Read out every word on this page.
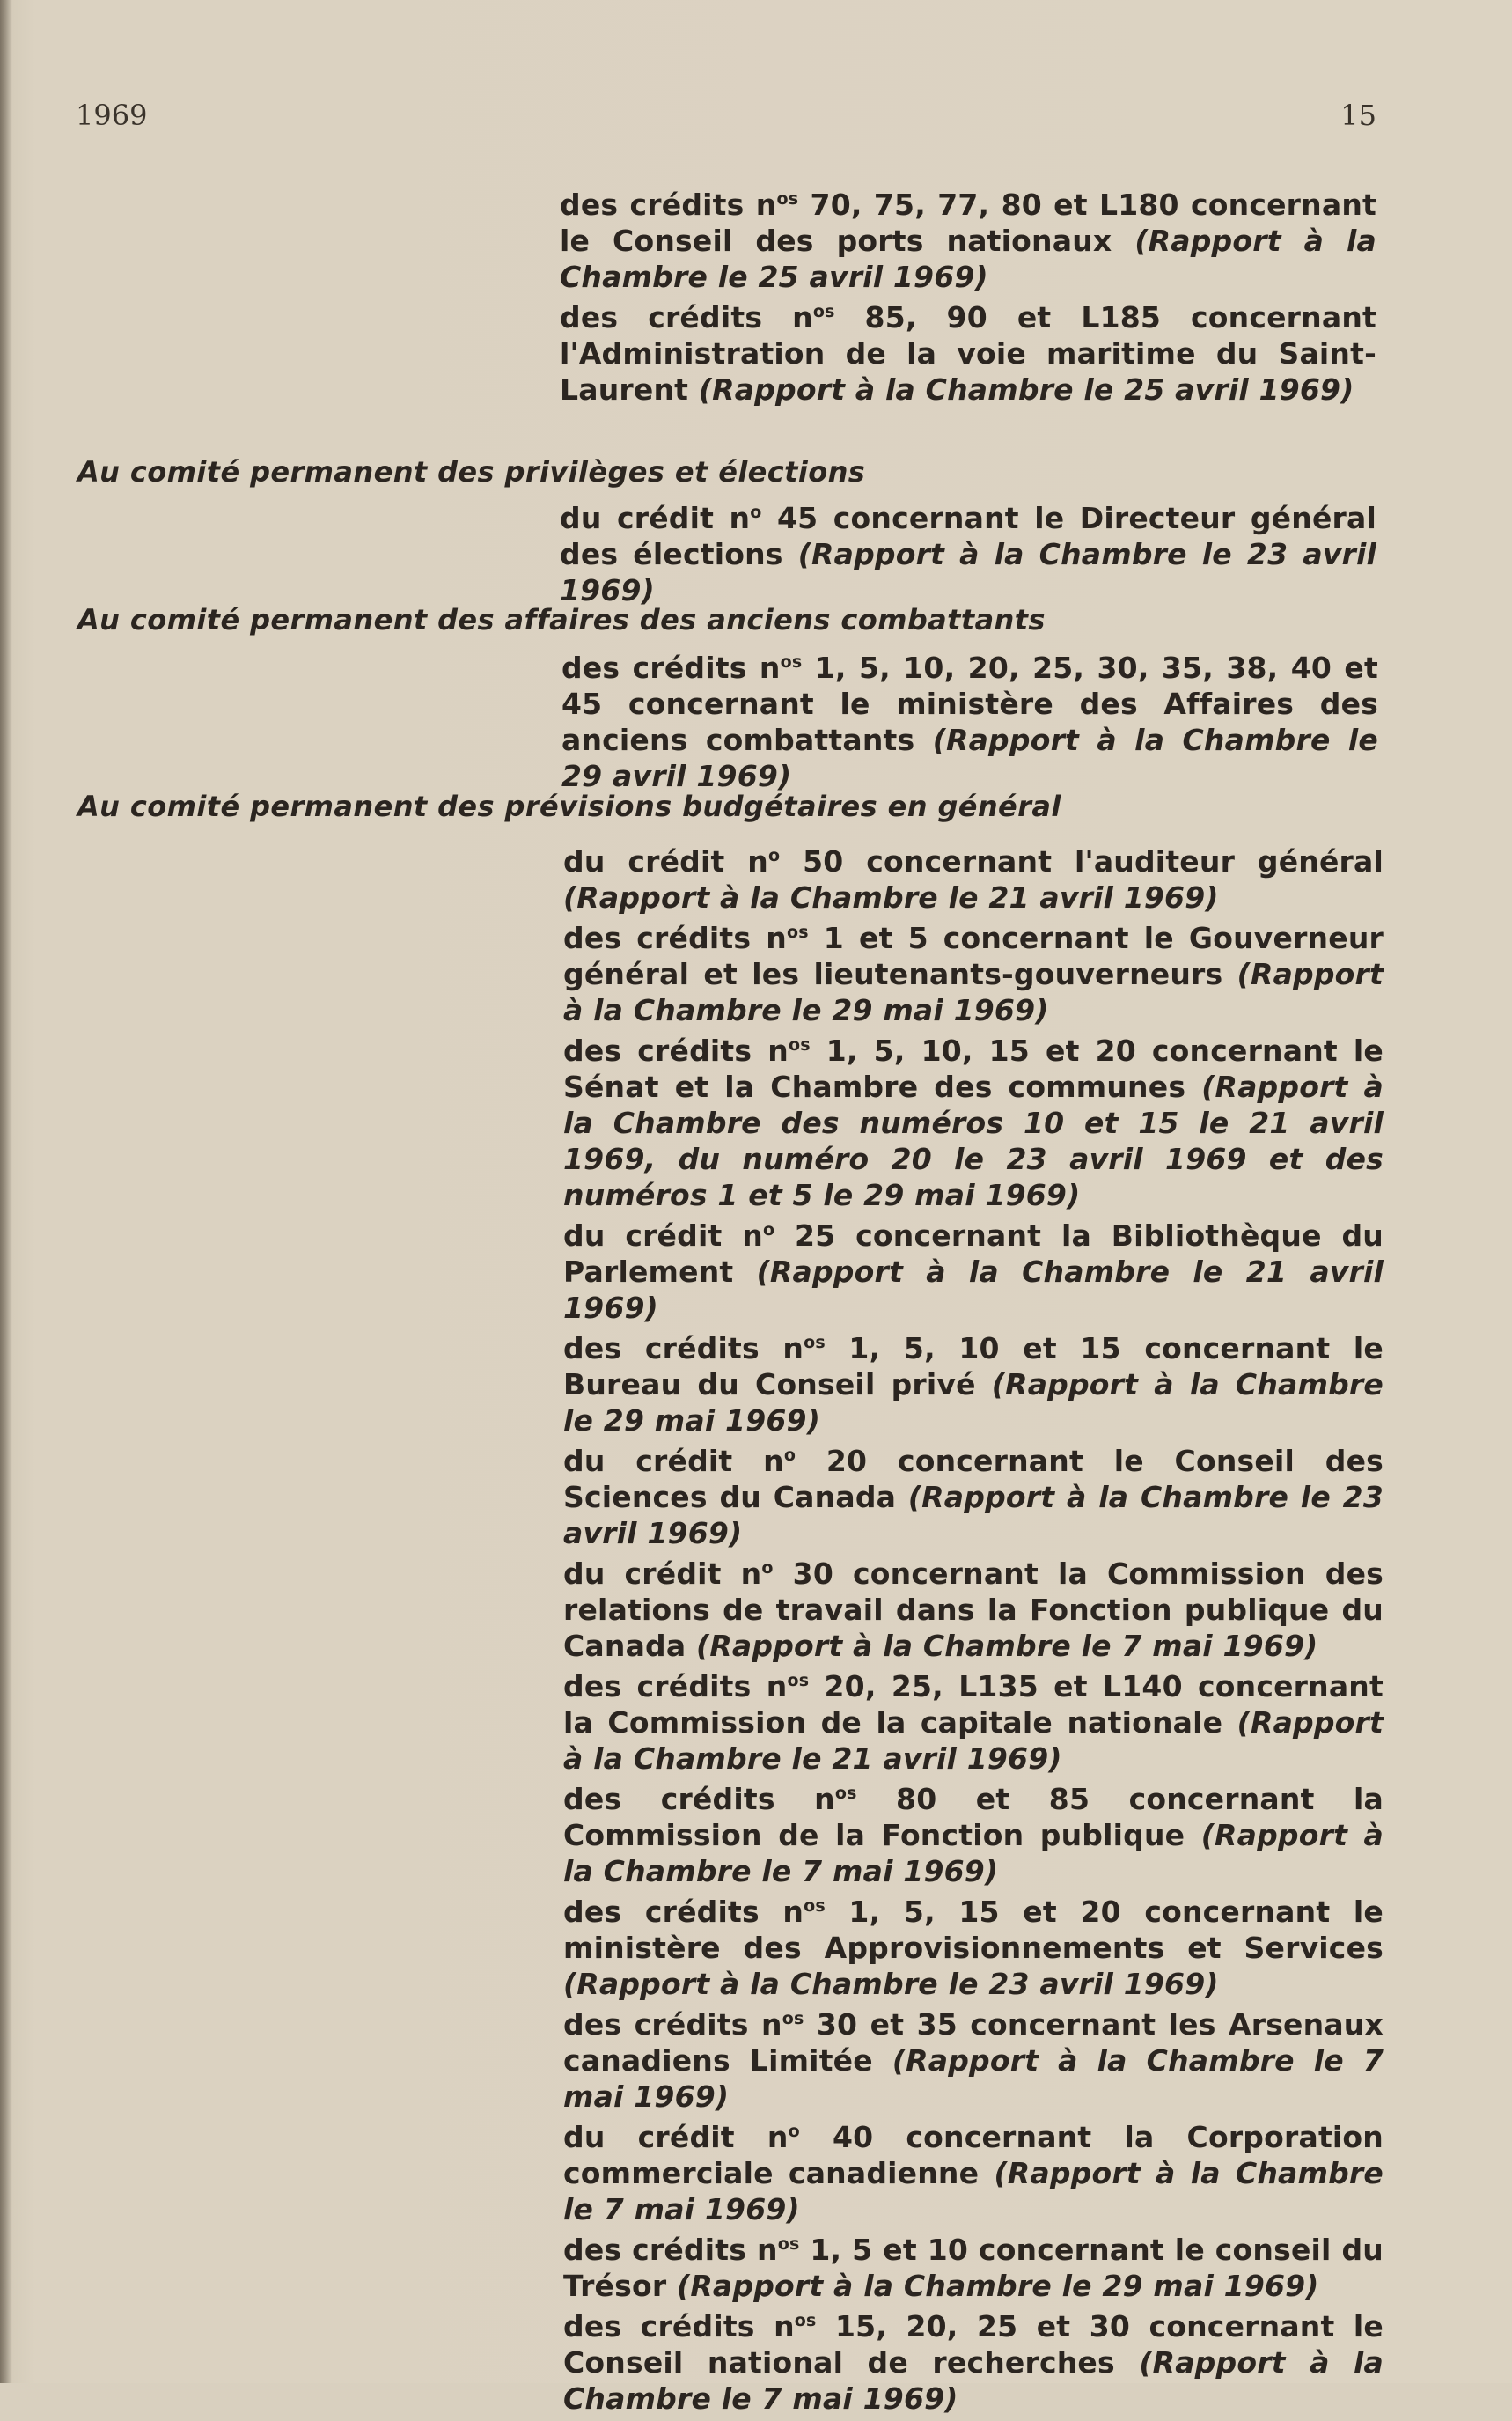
1969	15
des crédits $n^{os}$ 70, 75, 77, 80 et L180 concernant le Conseil des ports nationaux (Rapport à la Chambre le 25 avril 1969)
des crédits $n^{os}$ 85, 90 et L185 concernant l'Administration de la voie maritime du Saint-Laurent (Rapport à la Chambre le 25 avril 1969)
Au comité permanent des privilèges et élections
du crédit $n^o$ 45 concernant le Directeur général des élections (Rapport à la Chambre le 23 avril 1969)
Au comité permanent des affaires des anciens combattants
des crédits $n^{os}$ 1, 5, 10, 20, 25, 30, 35, 38, 40 et 45 concernant le ministère des Affaires des anciens combattants (Rapport à la Chambre le 29 avril 1969)
Au comité permanent des prévisions budgétaires en général
du crédit $n^o$ 50 concernant l'auditeur général (Rapport à la Chambre le 21 avril 1969)
des crédits $n^{os}$ 1 et 5 concernant le Gouverneur général et les lieutenants-gouverneurs (Rapport à la Chambre le 29 mai 1969)
des crédits $n^{os}$ 1, 5, 10, 15 et 20 concernant le Sénat et la Chambre des communes (Rapport à la Chambre des numéros 10 et 15 le 21 avril 1969, du numéro 20 le 23 avril 1969 et des numéros 1 et 5 le 29 mai 1969)
du crédit $n^o$ 25 concernant la Bibliothèque du Parlement (Rapport à la Chambre le 21 avril 1969)
des crédits $n^{os}$ 1, 5, 10 et 15 concernant le Bureau du Conseil privé (Rapport à la Chambre le 29 mai 1969)
du crédit $n^o$ 20 concernant le Conseil des Sciences du Canada (Rapport à la Chambre le 23 avril 1969)
du crédit $n^o$ 30 concernant la Commission des relations de travail dans la Fonction publique du Canada (Rapport à la Chambre le 7 mai 1969)
des crédits $n^{os}$ 20, 25, L135 et L140 concernant la Commission de la capitale nationale (Rapport à la Chambre le 21 avril 1969)
des crédits $n^{os}$ 80 et 85 concernant la Commission de la Fonction publique (Rapport à la Chambre le 7 mai 1969)
des crédits $n^{os}$ 1, 5, 15 et 20 concernant le ministère des Approvisionnements et Services (Rapport à la Chambre le 23 avril 1969)
des crédits $n^{os}$ 30 et 35 concernant les Arsenaux canadiens Limitée (Rapport à la Chambre le 7 mai 1969)
du crédit $n^o$ 40 concernant la Corporation commerciale canadienne (Rapport à la Chambre le 7 mai 1969)
des crédits $n^{os}$ 1, 5 et 10 concernant le conseil du Trésor (Rapport à la Chambre le 29 mai 1969)
des crédits $n^{os}$ 15, 20, 25 et 30 concernant le Conseil national de recherches (Rapport à la Chambre le 7 mai 1969)
